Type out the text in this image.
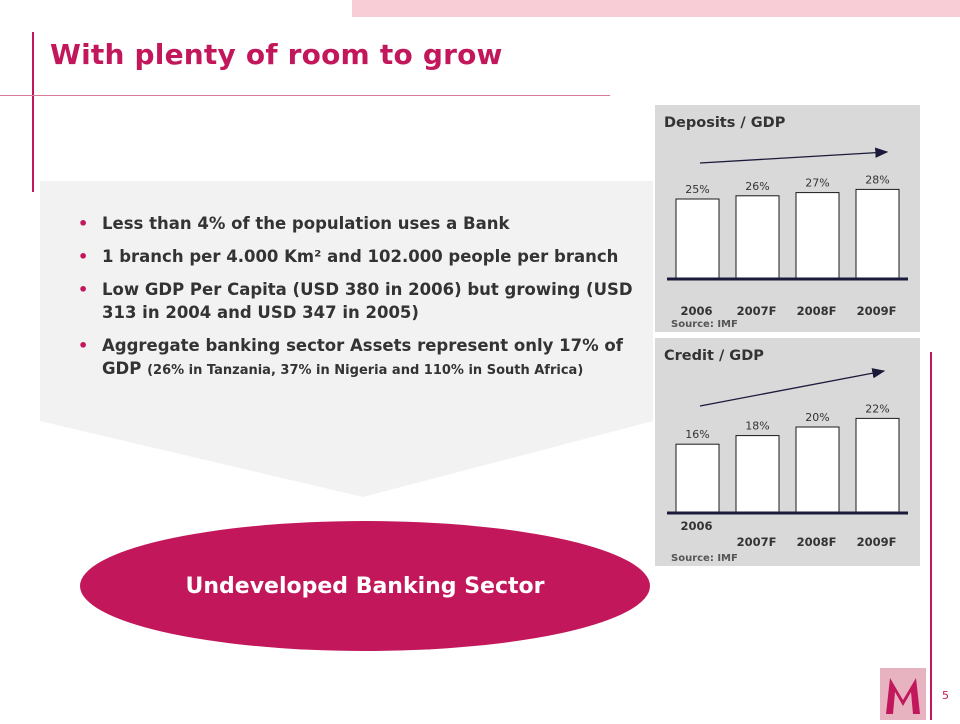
With plenty of room to grow
• Less than 4% of the population uses a Bank
• 1 branch per 4.000 Km² and 102.000 people per branch
• Low GDP Per Capita (USD 380 in 2006) but growing (USD 313 in 2004 and USD 347 in 2005)
• Aggregate banking sector Assets represent only 17% of GDP (26% in Tanzania, 37% in Nigeria and 110% in South Africa)
Undeveloped Banking Sector
Deposits / GDP
25%
2006
26%
2007F
27%
2008F
28%
2009F
Source: IMF
Credit / GDP
16%
2006
18%
2007F
20%
2008F
22%
2009F
Source: IMF
5
